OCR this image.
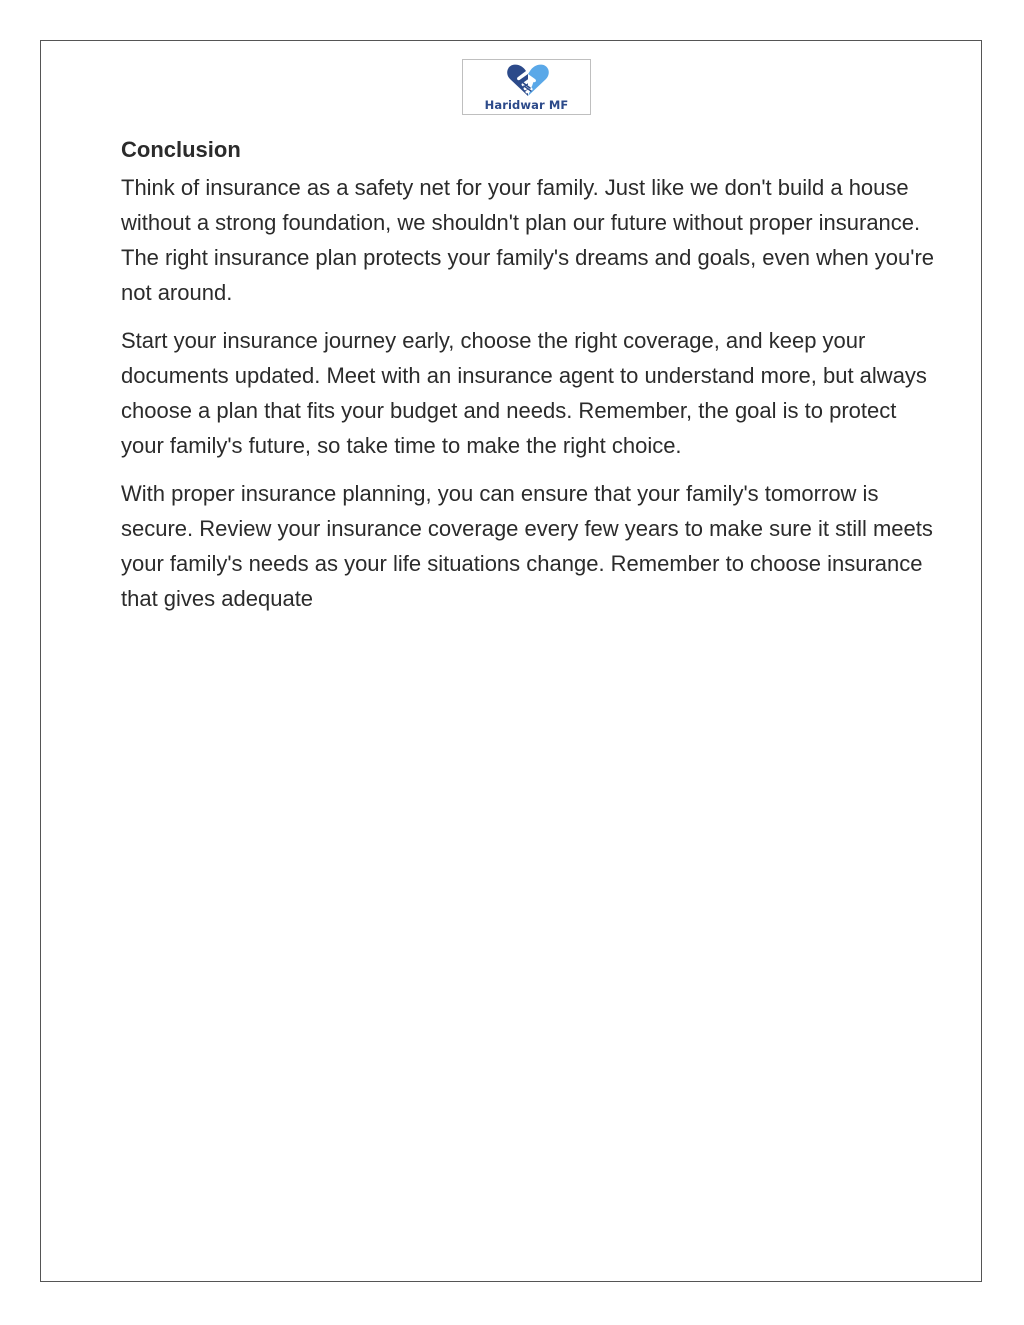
Haridwar MF
Conclusion

Think of insurance as a safety net for your family. Just like we don't build a house without a strong foundation, we shouldn't plan our future without proper insurance. The right insurance plan protects your family's dreams and goals, even when you're not around.

Start your insurance journey early, choose the right coverage, and keep your documents updated. Meet with an insurance agent to understand more, but always choose a plan that fits your budget and needs. Remember, the goal is to protect your family's future, so take time to make the right choice.

With proper insurance planning, you can ensure that your family's tomorrow is secure. Review your insurance coverage every few years to make sure it still meets your family's needs as your life situations change. Remember to choose insurance that gives adequate
